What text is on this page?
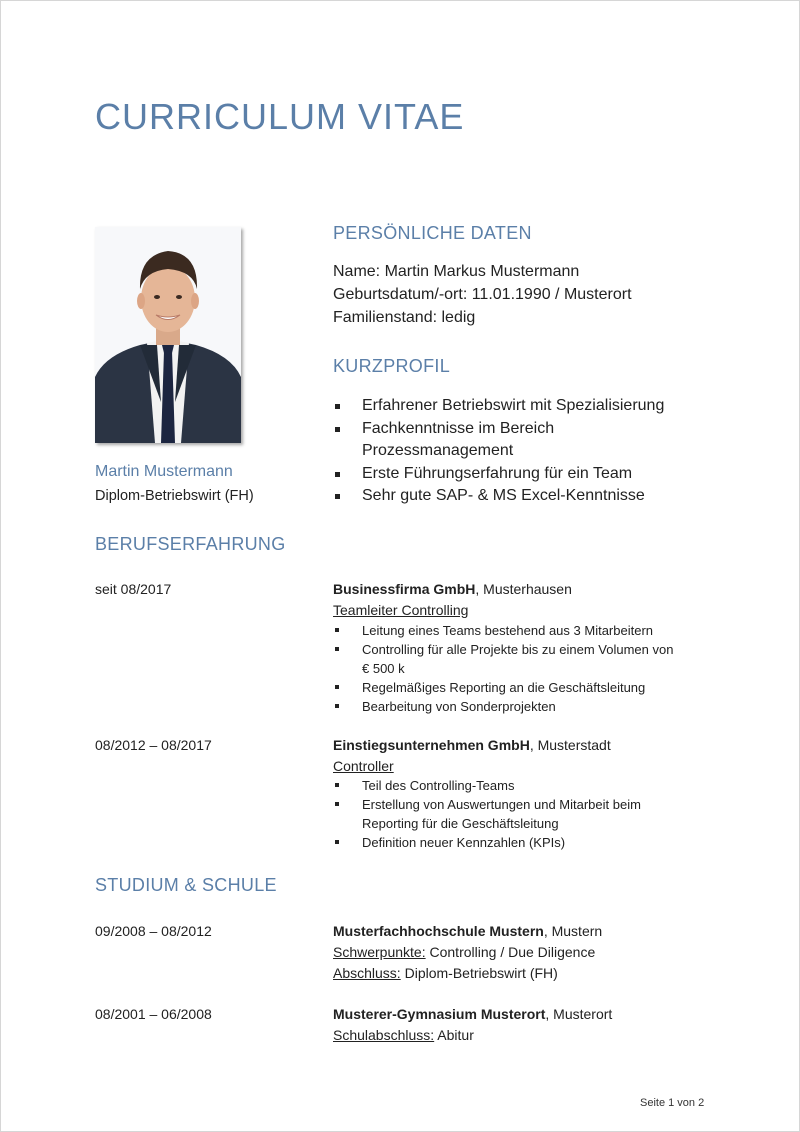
CURRICULUM VITAE
Martin Mustermann
Diplom-Betriebswirt (FH)
PERSÖNLICHE DATEN
Name: Martin Markus Mustermann
Geburtsdatum/-ort: 11.01.1990 / Musterort
Familienstand: ledig
KURZPROFIL
Erfahrener Betriebswirt mit Spezialisierung
Fachkenntnisse im Bereich Prozessmanagement
Erste Führungserfahrung für ein Team
Sehr gute SAP- & MS Excel-Kenntnisse
BERUFSERFAHRUNG
seit 08/2017	Businessfirma GmbH, Musterhausen
Teamleiter Controlling
Leitung eines Teams bestehend aus 3 Mitarbeitern
Controlling für alle Projekte bis zu einem Volumen von € 500 k
Regelmäßiges Reporting an die Geschäftsleitung
Bearbeitung von Sonderprojekten
08/2012 – 08/2017	Einstiegsunternehmen GmbH, Musterstadt
Controller
Teil des Controlling-Teams
Erstellung von Auswertungen und Mitarbeit beim Reporting für die Geschäftsleitung
Definition neuer Kennzahlen (KPIs)
STUDIUM & SCHULE
09/2008 – 08/2012	Musterfachhochschule Mustern, Mustern
Schwerpunkte: Controlling / Due Diligence
Abschluss: Diplom-Betriebswirt (FH)
08/2001 – 06/2008	Musterer-Gymnasium Musterort, Musterort
Schulabschluss: Abitur
Seite 1 von 2
